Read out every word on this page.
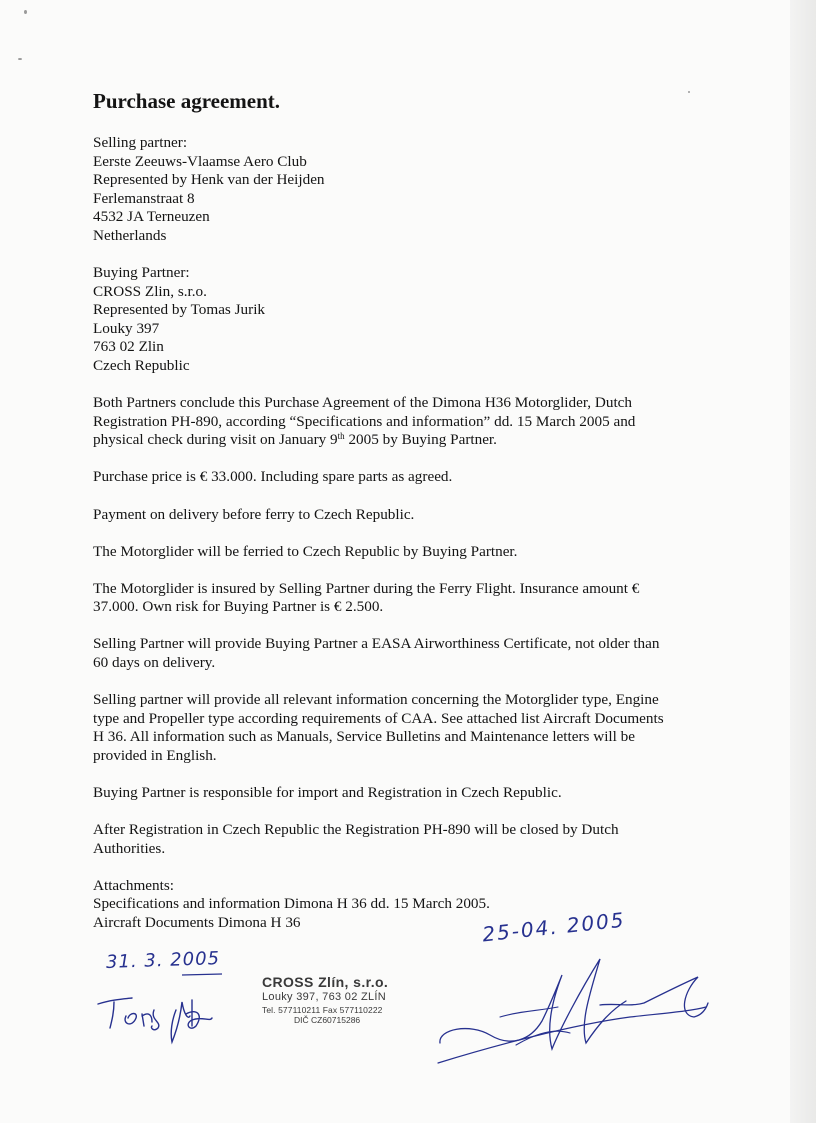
Purchase agreement.
Selling partner:
Eerste Zeeuws-Vlaamse Aero Club
Represented by Henk van der Heijden
Ferlemanstraat 8
4532 JA Terneuzen
Netherlands
Buying Partner:
CROSS Zlin, s.r.o.
Represented by Tomas Jurik
Louky 397
763 02 Zlin
Czech Republic
Both Partners conclude this Purchase Agreement of the Dimona H36 Motorglider, Dutch
Registration PH-890, according “Specifications and information” dd. 15 March 2005 and
physical check during visit on January 9th 2005 by Buying Partner.
Purchase price is € 33.000. Including spare parts as agreed.
Payment on delivery before ferry to Czech Republic.
The Motorglider will be ferried to Czech Republic by Buying Partner.
The Motorglider is insured by Selling Partner during the Ferry Flight. Insurance amount €
37.000. Own risk for Buying Partner is € 2.500.
Selling Partner will provide Buying Partner a EASA Airworthiness Certificate, not older than
60 days on delivery.
Selling partner will provide all relevant information concerning the Motorglider type, Engine
type and Propeller type according requirements of CAA. See attached list Aircraft Documents
H 36. All information such as Manuals, Service Bulletins and Maintenance letters will be
provided in English.
Buying Partner is responsible for import and Registration in Czech Republic.
After Registration in Czech Republic the Registration PH-890 will be closed by Dutch
Authorities.
Attachments:
Specifications and information Dimona H 36 dd. 15 March 2005.
Aircraft Documents Dimona H 36
31. 3. 2005
25-04. 2005
CROSS Zlín, s.r.o.
Louky 397, 763 02 ZLÍN
Tel. 577110211 Fax 577110222
DIČ CZ60715286
